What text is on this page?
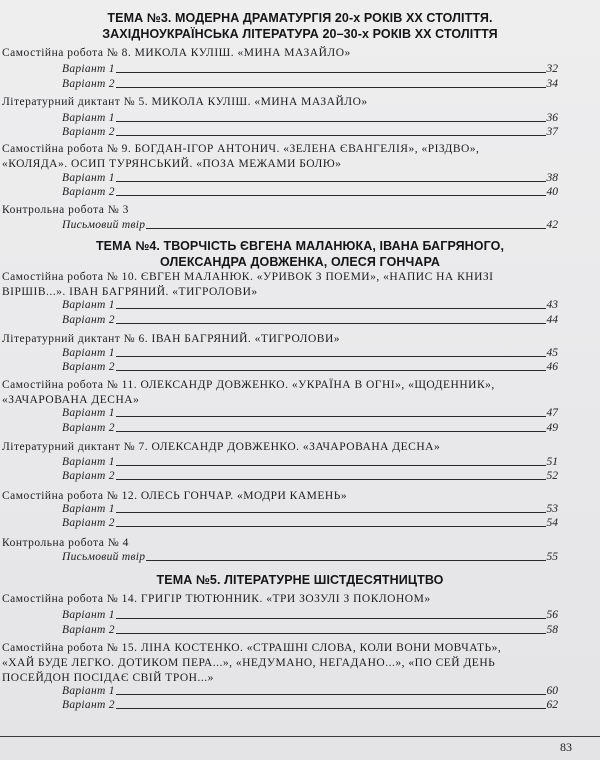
ТЕМА №3. МОДЕРНА ДРАМАТУРГІЯ 20-х РОКІВ ХХ СТОЛІТТЯ.
ЗАХІДНОУКРАЇНСЬКА ЛІТЕРАТУРА 20–30-х РОКІВ ХХ СТОЛІТТЯ
Самостійна робота № 8. МИКОЛА КУЛІШ. «МИНА МАЗАЙЛО»
Варіант 1	32
Варіант 2	34
Літературний диктант № 5. МИКОЛА КУЛІШ. «МИНА МАЗАЙЛО»
Варіант 1	36
Варіант 2	37
Самостійна робота № 9. БОГДАН-ІГОР АНТОНИЧ. «ЗЕЛЕНА ЄВАНГЕЛІЯ», «РІЗДВО»,
«КОЛЯДА». ОСИП ТУРЯНСЬКИЙ. «ПОЗА МЕЖАМИ БОЛЮ»
Варіант 1	38
Варіант 2	40
Контрольна робота № 3
Письмовий твір	42
ТЕМА №4. ТВОРЧІСТЬ ЄВГЕНА МАЛАНЮКА, ІВАНА БАГРЯНОГО,
ОЛЕКСАНДРА ДОВЖЕНКА, ОЛЕСЯ ГОНЧАРА
Самостійна робота № 10. ЄВГЕН МАЛАНЮК. «УРИВОК З ПОЕМИ», «НАПИС НА КНИЗІ
ВІРШІВ...». ІВАН БАГРЯНИЙ. «ТИГРОЛОВИ»
Варіант 1	43
Варіант 2	44
Літературний диктант № 6. ІВАН БАГРЯНИЙ. «ТИГРОЛОВИ»
Варіант 1	45
Варіант 2	46
Самостійна робота № 11. ОЛЕКСАНДР ДОВЖЕНКО. «УКРАЇНА В ОГНІ», «ЩОДЕННИК»,
«ЗАЧАРОВАНА ДЕСНА»
Варіант 1	47
Варіант 2	49
Літературний диктант № 7. ОЛЕКСАНДР ДОВЖЕНКО. «ЗАЧАРОВАНА ДЕСНА»
Варіант 1	51
Варіант 2	52
Самостійна робота № 12. ОЛЕСЬ ГОНЧАР. «МОДРИ КАМЕНЬ»
Варіант 1	53
Варіант 2	54
Контрольна робота № 4
Письмовий твір	55
ТЕМА №5. ЛІТЕРАТУРНЕ ШІСТДЕСЯТНИЦТВО
Самостійна робота № 14. ГРИГІР ТЮТЮННИК. «ТРИ ЗОЗУЛІ З ПОКЛОНОМ»
Варіант 1	56
Варіант 2	58
Самостійна робота № 15. ЛІНА КОСТЕНКО. «СТРАШНІ СЛОВА, КОЛИ ВОНИ МОВЧАТЬ»,
«ХАЙ БУДЕ ЛЕГКО. ДОТИКОМ ПЕРА...», «НЕДУМАНО, НЕГАДАНО...», «ПО СЕЙ ДЕНЬ
ПОСЕЙДОН ПОСІДАЄ СВІЙ ТРОН...»
Варіант 1	60
Варіант 2	62
83
